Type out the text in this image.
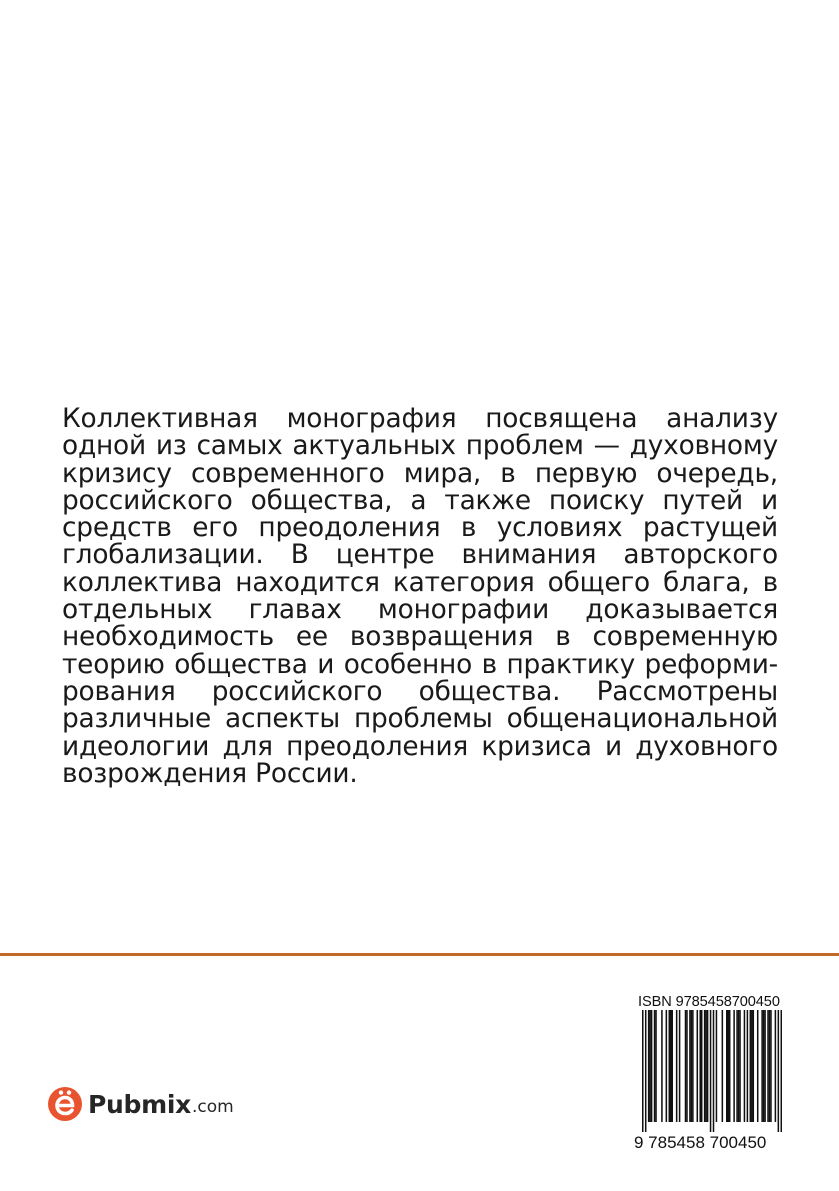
Коллективная монография посвящена анализу одной из самых актуальных проблем — духовному кризису современного мира, в первую очередь, российского общества, а также поиску путей и средств его преодоления в условиях растущей глобализации. В центре внимания авторского коллектива находится категория общего блага, в отдельных главах монографии доказывается необходимость ее возвращения в современную теорию общества и особенно в практику реформи-рования российского общества. Рассмотрены различные аспекты проблемы общенациональной идеологии для преодоления кризиса и духовного возрождения России.

Pubmix .com
ISBN 9785458700450
9 785458 700450
